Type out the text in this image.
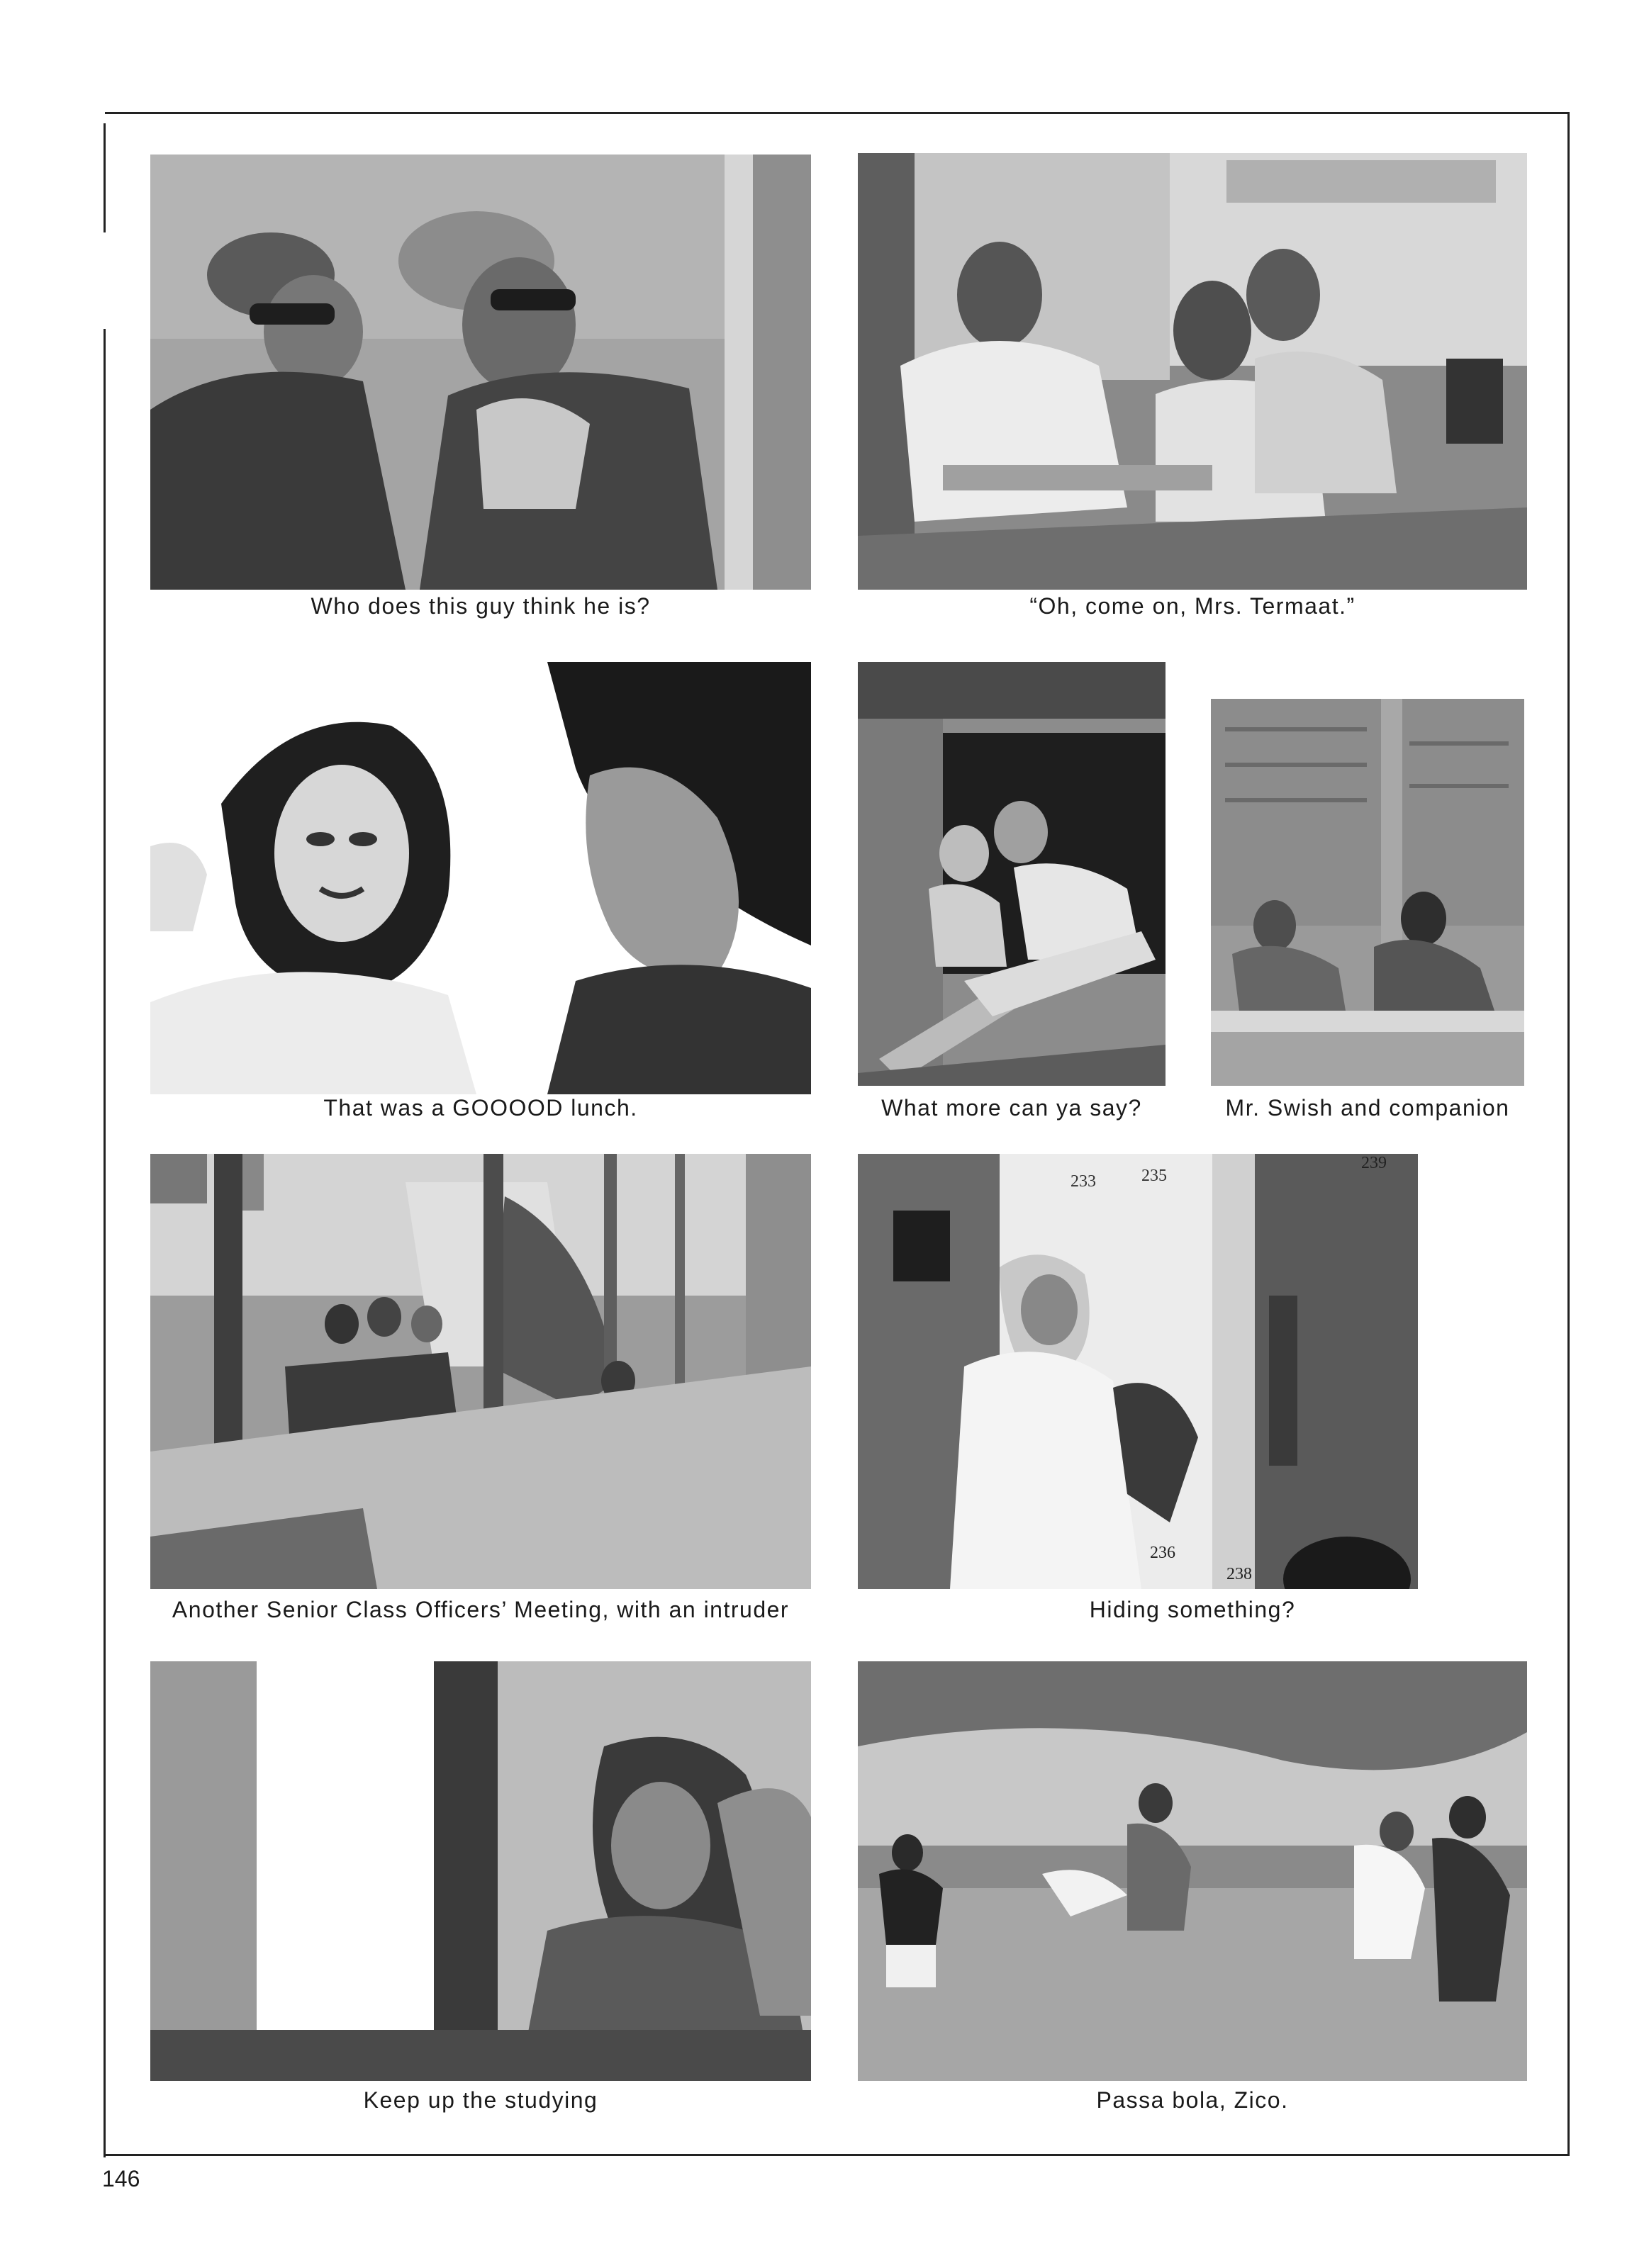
Who does this guy think he is?	“Oh, come on, Mrs. Termaat.”
That was a GOOOOD lunch.	What more can ya say?	Mr. Swish and companion
Another Senior Class Officers’ Meeting, with an intruder
233	235
239
236
238
Hiding something?
Keep up the studying	Passa bola, Zico.
146
